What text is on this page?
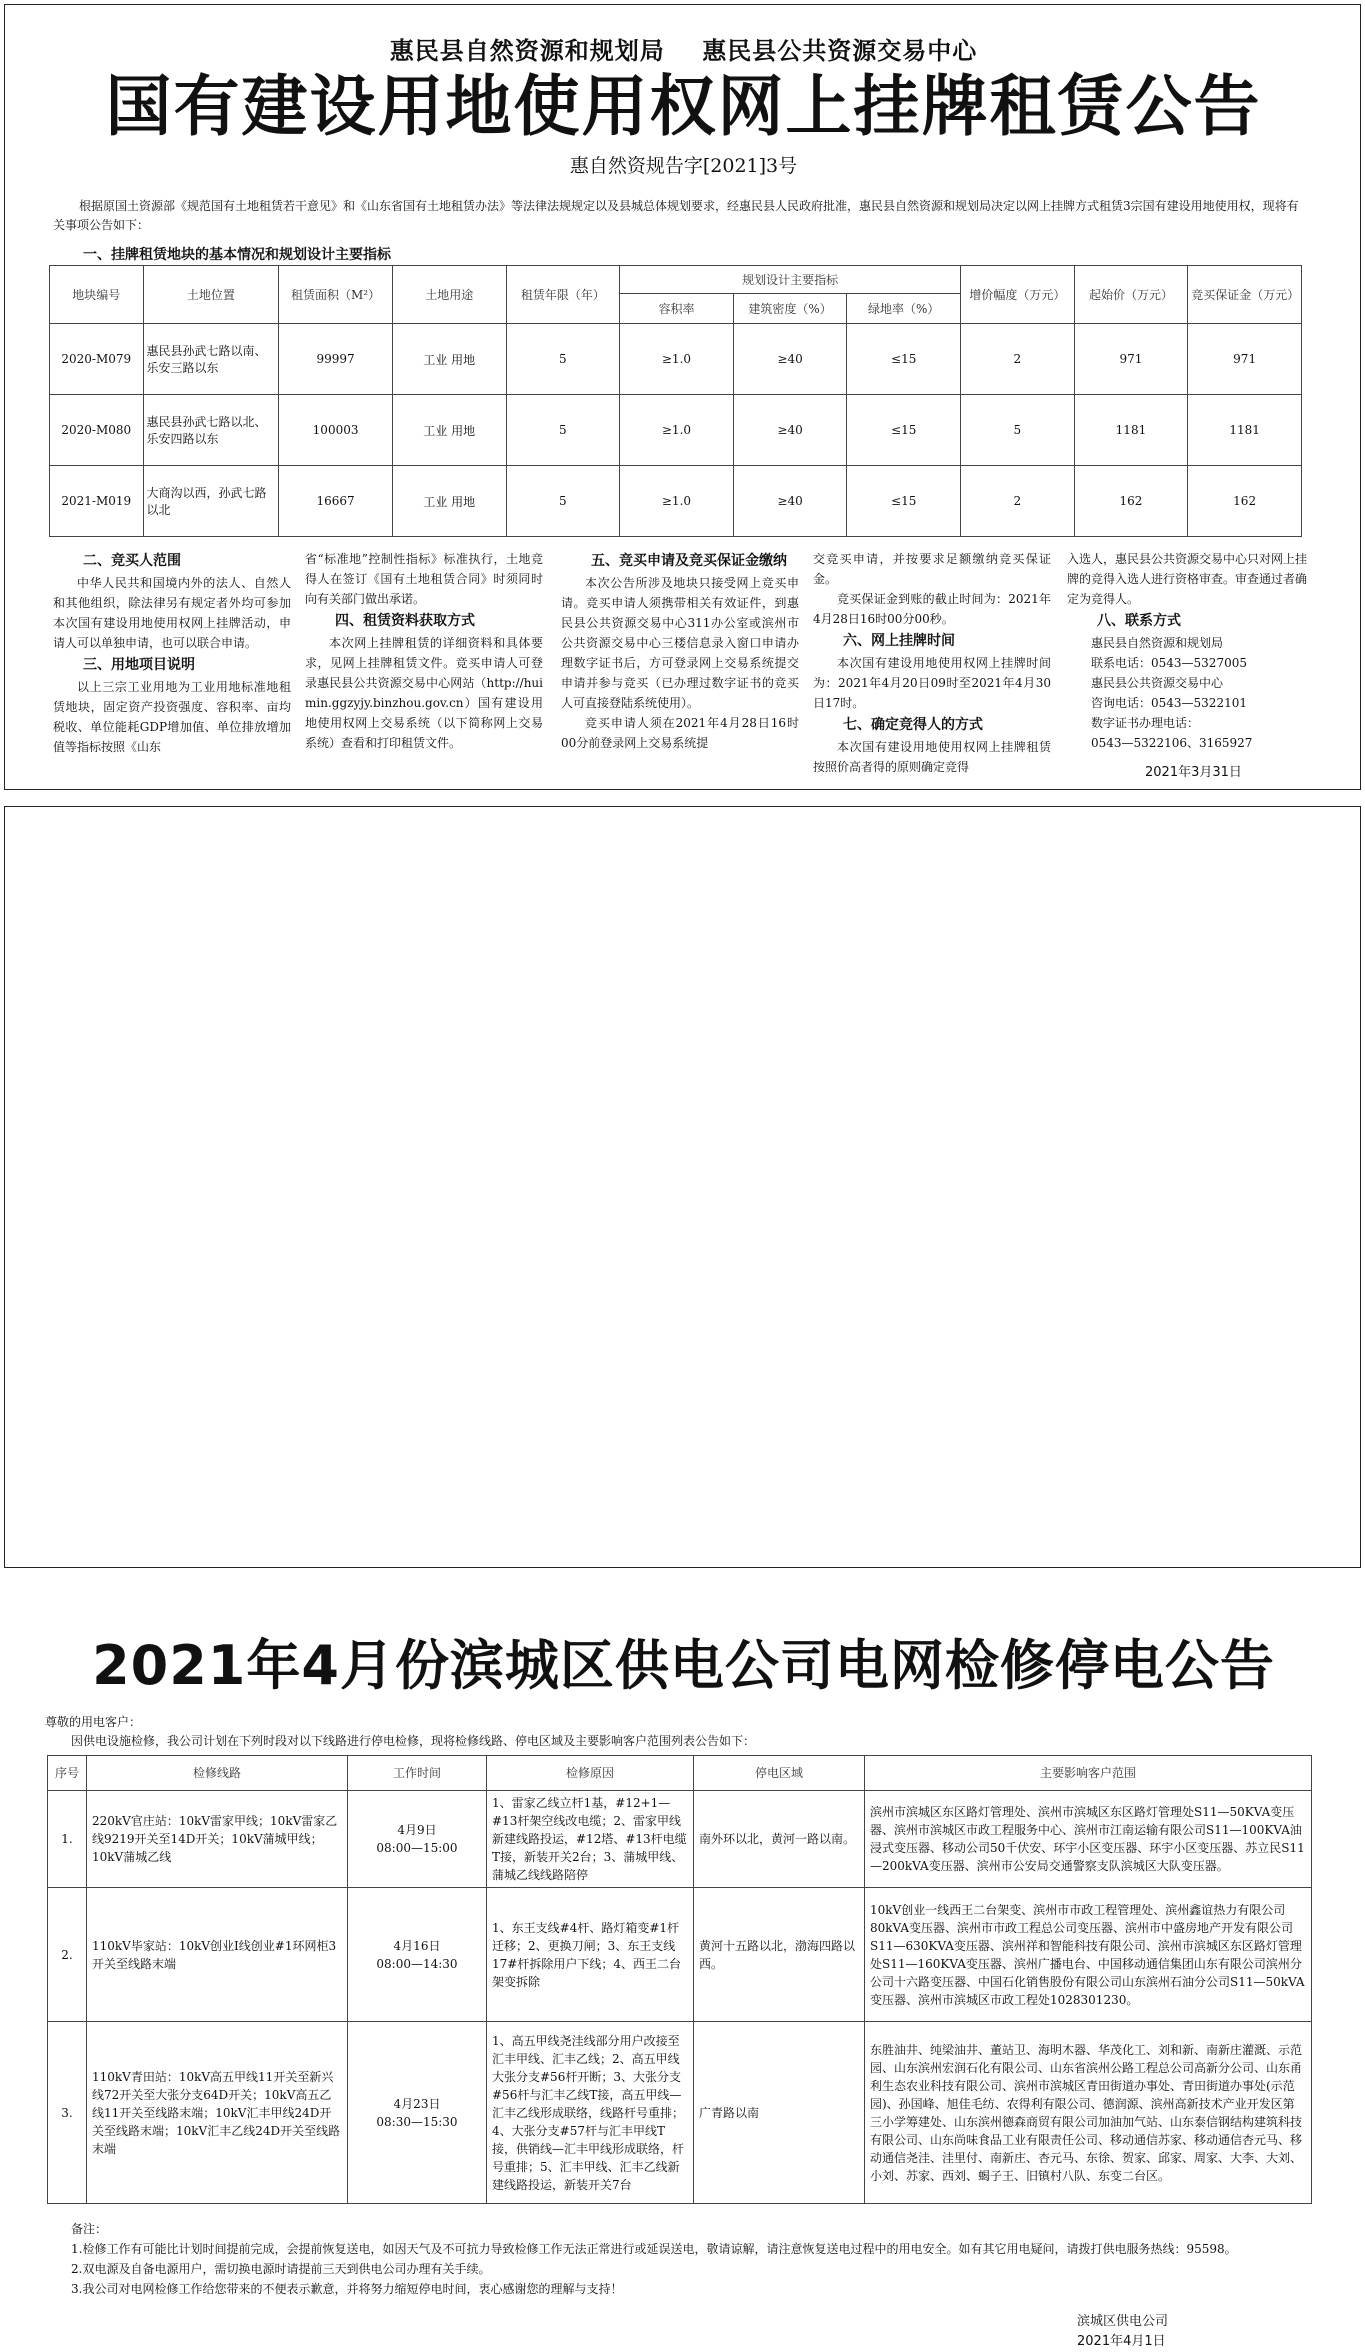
惠民县自然资源和规划局    惠民县公共资源交易中心
国有建设用地使用权网上挂牌租赁公告
惠自然资规告字[2021]3号
根据原国土资源部《规范国有土地租赁若干意见》和《山东省国有土地租赁办法》等法律法规规定以及县城总体规划要求，经惠民县人民政府批准，惠民县自然资源和规划局决定以网上挂牌方式租赁3宗国有建设用地使用权，现将有关事项公告如下：
一、挂牌租赁地块的基本情况和规划设计主要指标
地块编号	土地位置	租赁面积（M²）	土地用途	租赁年限（年）	规划设计主要指标			增价幅度（万元）	起始价（万元）	竞买保证金（万元）
					容积率	建筑密度（%）	绿地率（%）			
2020-M079	惠民县孙武七路以南、乐安三路以东	99997	工业 用地	5	≥1.0	≥40	≤15	2	971	971
2020-M080	惠民县孙武七路以北、乐安四路以东	100003	工业 用地	5	≥1.0	≥40	≤15	5	1181	1181
2021-M019	大商沟以西，孙武七路以北	16667	工业 用地	5	≥1.0	≥40	≤15	2	162	162
二、竞买人范围

中华人民共和国境内外的法人、自然人和其他组织，除法律另有规定者外均可参加本次国有建设用地使用权网上挂牌活动，申请人可以单独申请，也可以联合申请。

三、用地项目说明

以上三宗工业用地为工业用地标准地租赁地块，固定资产投资强度、容积率、亩均税收、单位能耗GDP增加值、单位排放增加值等指标按照《山东

省“标准地”控制性指标》标准执行，土地竞得人在签订《国有土地租赁合同》时须同时向有关部门做出承诺。

四、租赁资料获取方式

本次网上挂牌租赁的详细资料和具体要求，见网上挂牌租赁文件。竞买申请人可登录惠民县公共资源交易中心网站（http://huimin.ggzyjy.binzhou.gov.cn）国有建设用地使用权网上交易系统（以下简称网上交易系统）查看和打印租赁文件。

五、竞买申请及竞买保证金缴纳

本次公告所涉及地块只接受网上竞买申请。竞买申请人须携带相关有效证件，到惠民县公共资源交易中心311办公室或滨州市公共资源交易中心三楼信息录入窗口申请办理数字证书后，方可登录网上交易系统提交申请并参与竞买（已办理过数字证书的竞买人可直接登陆系统使用）。

竞买申请人须在2021年4月28日16时00分前登录网上交易系统提

交竞买申请，并按要求足额缴纳竞买保证金。

竞买保证金到账的截止时间为：2021年4月28日16时00分00秒。

六、网上挂牌时间

本次国有建设用地使用权网上挂牌时间为：2021年4月20日09时至2021年4月30日17时。

七、确定竞得人的方式

本次国有建设用地使用权网上挂牌租赁按照价高者得的原则确定竞得

入选人，惠民县公共资源交易中心只对网上挂牌的竞得入选人进行资格审查。审查通过者确定为竞得人。

八、联系方式

惠民县自然资源和规划局

联系电话：0543—5327005

惠民县公共资源交易中心

咨询电话：0543—5322101

数字证书办理电话：

0543—5322106、3165927

2021年3月31日
2021年4月份滨城区供电公司电网检修停电公告
尊敬的用电客户：
因供电设施检修，我公司计划在下列时段对以下线路进行停电检修，现将检修线路、停电区域及主要影响客户范围列表公告如下：
序号	检修线路	工作时间	检修原因	停电区域	主要影响客户范围
1.	220kV官庄站：10kV雷家甲线；10kV雷家乙线9219开关至14D开关；10kV蒲城甲线；10kV蒲城乙线	4月9日
08:00—15:00	1、雷家乙线立杆1基，#12+1—#13杆架空线改电缆；2、雷家甲线新建线路投运，#12塔、#13杆电缆T接，新装开关2台；3、蒲城甲线、蒲城乙线线路陪停	南外环以北，黄河一路以南。	滨州市滨城区东区路灯管理处、滨州市滨城区东区路灯管理处S11—50KVA变压器、滨州市滨城区市政工程服务中心、滨州市江南运输有限公司S11—100KVA油浸式变压器、移动公司50千伏安、环宇小区变压器、环宇小区变压器、苏立民S11—200kVA变压器、滨州市公安局交通警察支队滨城区大队变压器。
2.	110kV毕家站：10kV创业Ⅰ线创业#1环网柜3开关至线路末端	4月16日
08:00—14:30	1、东王支线#4杆、路灯箱变#1杆迁移；2、更换刀闸；3、东王支线17#杆拆除用户下线；4、西王二台架变拆除	黄河十五路以北，渤海四路以西。	10kV创业一线西王二台架变、滨州市市政工程管理处、滨州鑫谊热力有限公司80kVA变压器、滨州市市政工程总公司变压器、滨州市中盛房地产开发有限公司S11—630KVA变压器、滨州祥和智能科技有限公司、滨州市滨城区东区路灯管理处S11—160KVA变压器、滨州广播电台、中国移动通信集团山东有限公司滨州分公司十六路变压器、中国石化销售股份有限公司山东滨州石油分公司S11—50kVA变压器、滨州市滨城区市政工程处1028301230。
3.	110kV青田站：10kV高五甲线11开关至新兴线72开关至大张分支64D开关；10kV高五乙线11开关至线路末端；10kV汇丰甲线24D开关至线路末端；10kV汇丰乙线24D开关至线路末端	4月23日
08:30—15:30	1、高五甲线尧洼线部分用户改接至汇丰甲线、汇丰乙线；2、高五甲线大张分支#56杆开断；3、大张分支#56杆与汇丰乙线T接，高五甲线—汇丰乙线形成联络，线路杆号重排；4、大张分支#57杆与汇丰甲线T接，供销线—汇丰甲线形成联络，杆号重排；5、汇丰甲线、汇丰乙线新建线路投运，新装开关7台	广青路以南	东胜油井、纯梁油井、董站卫、海明木器、华茂化工、刘和新、南新庄灌溉、示范园、山东滨州宏润石化有限公司、山东省滨州公路工程总公司高新分公司、山东甬利生态农业科技有限公司、滨州市滨城区青田街道办事处、青田街道办事处(示范园)、孙国峰、旭佳毛纺、农得利有限公司、德润源、滨州高新技术产业开发区第三小学筹建处、山东滨州德森商贸有限公司加油加气站、山东泰信钢结构建筑科技有限公司、山东尚味食品工业有限责任公司、移动通信苏家、移动通信杏元马、移动通信尧洼、洼里付、南新庄、杏元马、东徐、贺家、邱家、周家、大李、大刘、小刘、苏家、西刘、蝎子王、旧镇村八队、东变二台区。

备注：

1.检修工作有可能比计划时间提前完成，会提前恢复送电，如因天气及不可抗力导致检修工作无法正常进行或延误送电，敬请谅解，请注意恢复送电过程中的用电安全。如有其它用电疑问，请拨打供电服务热线：95598。

2.双电源及自备电源用户，需切换电源时请提前三天到供电公司办理有关手续。

3.我公司对电网检修工作给您带来的不便表示歉意，并将努力缩短停电时间，衷心感谢您的理解与支持！

滨城区供电公司
2021年4月1日
